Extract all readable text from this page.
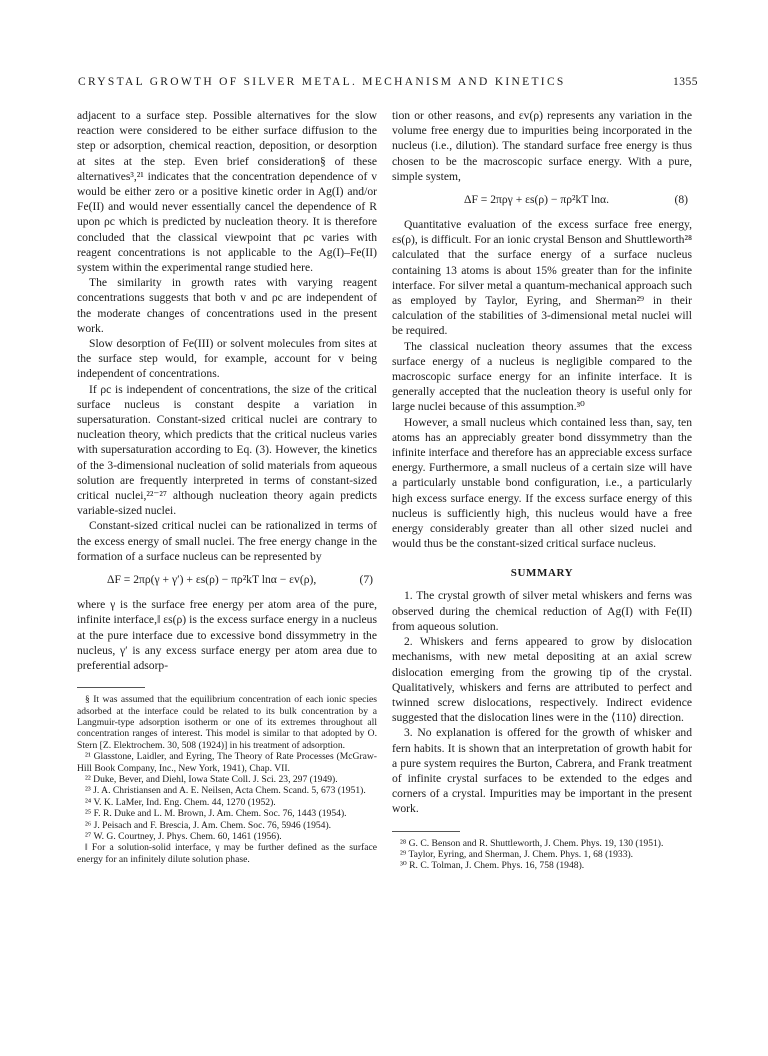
CRYSTAL GROWTH OF SILVER METAL. MECHANISM AND KINETICS	1355

adjacent to a surface step. Possible alternatives for the slow reaction were considered to be either surface diffusion to the step or adsorption, chemical reaction, deposition, or desorption at sites at the step. Even brief consideration§ of these alternatives³,²¹ indicates that the concentration dependence of v would be either zero or a positive kinetic order in Ag(I) and/or Fe(II) and would never essentially cancel the dependence of R upon ρc which is predicted by nucleation theory. It is therefore concluded that the classical viewpoint that ρc varies with reagent concentrations is not applicable to the Ag(I)–Fe(II) system within the experimental range studied here.

The similarity in growth rates with varying reagent concentrations suggests that both v and ρc are independent of the moderate changes of concentrations used in the present work.

Slow desorption of Fe(III) or solvent molecules from sites at the surface step would, for example, account for v being independent of concentrations.

If ρc is independent of concentrations, the size of the critical surface nucleus is constant despite a variation in supersaturation. Constant-sized critical nuclei are contrary to nucleation theory, which predicts that the critical nucleus varies with supersaturation according to Eq. (3). However, the kinetics of the 3-dimensional nucleation of solid materials from aqueous solution are frequently interpreted in terms of constant-sized critical nuclei,²²⁻²⁷ although nucleation theory again predicts variable-sized nuclei.

Constant-sized critical nuclei can be rationalized in terms of the excess energy of small nuclei. The free energy change in the formation of a surface nucleus can be represented by

ΔF = 2πρ(γ + γ′) + εs(ρ) − πρ²kT lnα − εv(ρ),	(7)

where γ is the surface free energy per atom area of the pure, infinite interface,‖ εs(ρ) is the excess surface energy in a nucleus at the pure interface due to excessive bond dissymmetry in the nucleus, γ′ is any excess surface energy per atom area due to preferential adsorp-

§ It was assumed that the equilibrium concentration of each ionic species adsorbed at the interface could be related to its bulk concentration by a Langmuir-type adsorption isotherm or one of its extremes throughout all concentration ranges of interest. This model is similar to that adopted by O. Stern [Z. Elektrochem. 30, 508 (1924)] in his treatment of adsorption.

²¹ Glasstone, Laidler, and Eyring, The Theory of Rate Processes (McGraw-Hill Book Company, Inc., New York, 1941), Chap. VII.

²² Duke, Bever, and Diehl, Iowa State Coll. J. Sci. 23, 297 (1949).

²³ J. A. Christiansen and A. E. Neilsen, Acta Chem. Scand. 5, 673 (1951).

²⁴ V. K. LaMer, Ind. Eng. Chem. 44, 1270 (1952).

²⁵ F. R. Duke and L. M. Brown, J. Am. Chem. Soc. 76, 1443 (1954).

²⁶ J. Peisach and F. Brescia, J. Am. Chem. Soc. 76, 5946 (1954).

²⁷ W. G. Courtney, J. Phys. Chem. 60, 1461 (1956).

‖ For a solution-solid interface, γ may be further defined as the surface energy for an infinitely dilute solution phase.

tion or other reasons, and εv(ρ) represents any variation in the volume free energy due to impurities being incorporated in the nucleus (i.e., dilution). The standard surface free energy is thus chosen to be the macroscopic surface energy. With a pure, simple system,

ΔF = 2πργ + εs(ρ) − πρ²kT lnα.	(8)

Quantitative evaluation of the excess surface free energy, εs(ρ), is difficult. For an ionic crystal Benson and Shuttleworth²⁸ calculated that the surface energy of a surface nucleus containing 13 atoms is about 15% greater than for the infinite interface. For silver metal a quantum-mechanical approach such as employed by Taylor, Eyring, and Sherman²⁹ in their calculation of the stabilities of 3-dimensional metal nuclei will be required.

The classical nucleation theory assumes that the excess surface energy of a nucleus is negligible compared to the macroscopic surface energy for an infinite interface. It is generally accepted that the nucleation theory is useful only for large nuclei because of this assumption.³⁰

However, a small nucleus which contained less than, say, ten atoms has an appreciably greater bond dissymmetry than the infinite interface and therefore has an appreciable excess surface energy. Furthermore, a small nucleus of a certain size will have a particularly unstable bond configuration, i.e., a particularly high excess surface energy. If the excess surface energy of this nucleus is sufficiently high, this nucleus would have a free energy considerably greater than all other sized nuclei and would thus be the constant-sized critical surface nucleus.

SUMMARY

1. The crystal growth of silver metal whiskers and ferns was observed during the chemical reduction of Ag(I) with Fe(II) from aqueous solution.

2. Whiskers and ferns appeared to grow by dislocation mechanisms, with new metal depositing at an axial screw dislocation emerging from the growing tip of the crystal. Qualitatively, whiskers and ferns are attributed to perfect and twinned screw dislocations, respectively. Indirect evidence suggested that the dislocation lines were in the ⟨110⟩ direction.

3. No explanation is offered for the growth of whisker and fern habits. It is shown that an interpretation of growth habit for a pure system requires the Burton, Cabrera, and Frank treatment of infinite crystal surfaces to be extended to the edges and corners of a crystal. Impurities may be important in the present work.

²⁸ G. C. Benson and R. Shuttleworth, J. Chem. Phys. 19, 130 (1951).

²⁹ Taylor, Eyring, and Sherman, J. Chem. Phys. 1, 68 (1933).

³⁰ R. C. Tolman, J. Chem. Phys. 16, 758 (1948).
